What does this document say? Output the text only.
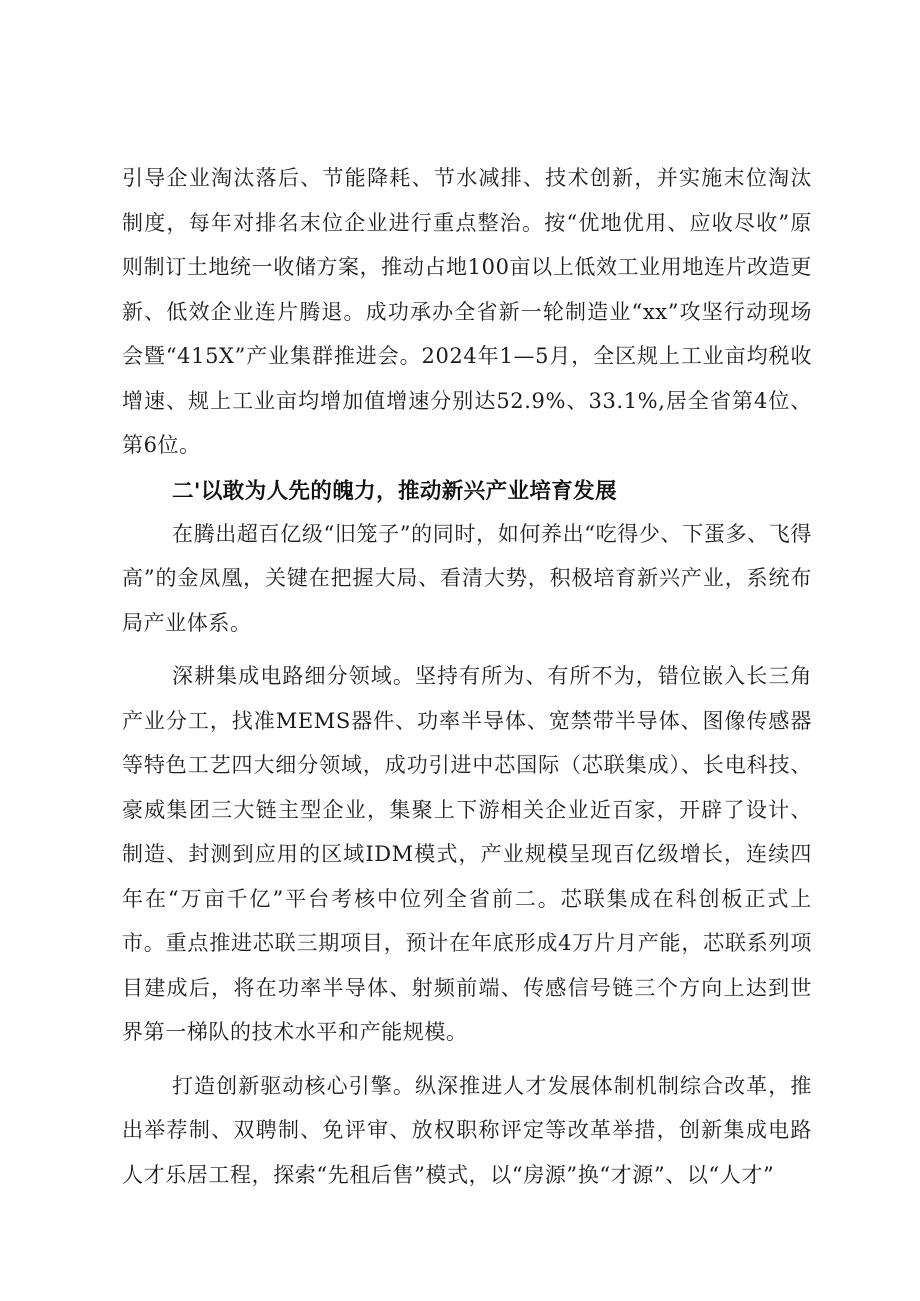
引导企业淘汰落后、节能降耗、节水减排、技术创新，并实施末位淘汰制度，每年对排名末位企业进行重点整治。按“优地优用、应收尽收”原则制订土地统一收储方案，推动占地100亩以上低效工业用地连片改造更新、低效企业连片腾退。成功承办全省新一轮制造业“xx”攻坚行动现场会暨“415X”产业集群推进会。2024年1—5月，全区规上工业亩均税收增速、规上工业亩均增加值增速分别达52.9%、33.1%,居全省第4位、第6位。

二'以敢为人先的魄力，推动新兴产业培育发展

在腾出超百亿级“旧笼子”的同时，如何养出“吃得少、下蛋多、飞得高”的金凤凰，关键在把握大局、看清大势，积极培育新兴产业，系统布局产业体系。

深耕集成电路细分领域。坚持有所为、有所不为，错位嵌入长三角产业分工，找准MEMS器件、功率半导体、宽禁带半导体、图像传感器等特色工艺四大细分领域，成功引进中芯国际（芯联集成）、长电科技、豪威集团三大链主型企业，集聚上下游相关企业近百家，开辟了设计、制造、封测到应用的区域IDM模式，产业规模呈现百亿级增长，连续四年在“万亩千亿”平台考核中位列全省前二。芯联集成在科创板正式上市。重点推进芯联三期项目，预计在年底形成4万片月产能，芯联系列项目建成后，将在功率半导体、射频前端、传感信号链三个方向上达到世界第一梯队的技术水平和产能规模。

打造创新驱动核心引擎。纵深推进人才发展体制机制综合改革，推出举荐制、双聘制、免评审、放权职称评定等改革举措，创新集成电路人才乐居工程，探索“先租后售”模式，以“房源”换“才源”、以“人才”
